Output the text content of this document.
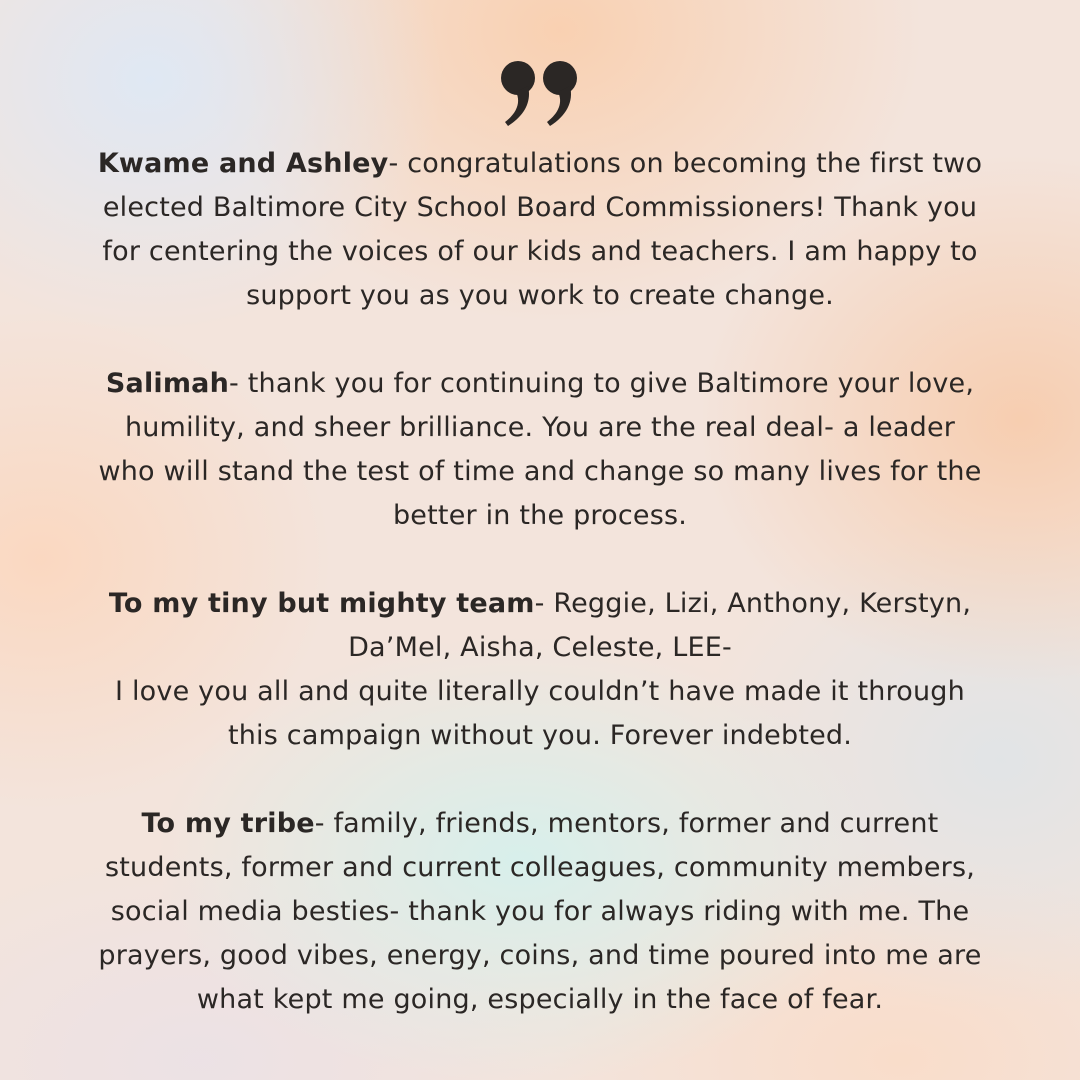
Kwame and Ashley- congratulations on becoming the first two
elected Baltimore City School Board Commissioners! Thank you
for centering the voices of our kids and teachers. I am happy to
support you as you work to create change.

Salimah- thank you for continuing to give Baltimore your love,
humility, and sheer brilliance. You are the real deal- a leader
who will stand the test of time and change so many lives for the
better in the process.

To my tiny but mighty team- Reggie, Lizi, Anthony, Kerstyn,
Da’Mel, Aisha, Celeste, LEE-
I love you all and quite literally couldn’t have made it through
this campaign without you. Forever indebted.

To my tribe- family, friends, mentors, former and current
students, former and current colleagues, community members,
social media besties- thank you for always riding with me. The
prayers, good vibes, energy, coins, and time poured into me are
what kept me going, especially in the face of fear.
